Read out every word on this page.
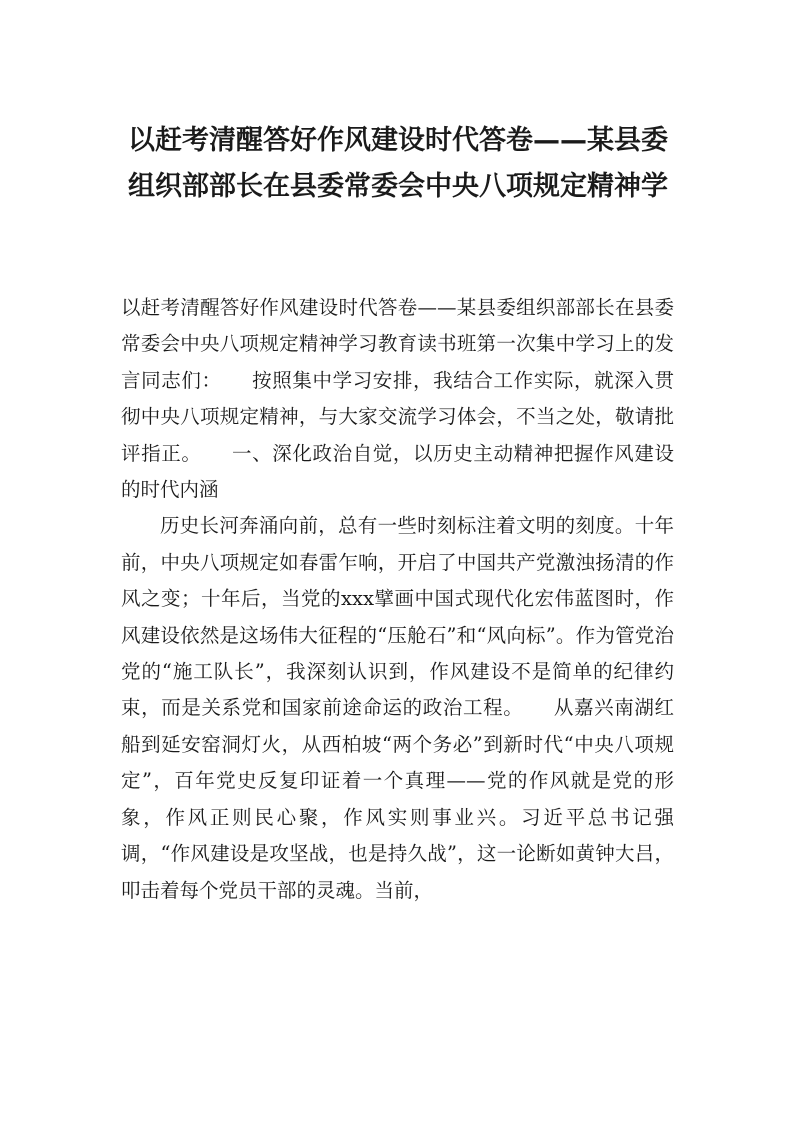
以赶考清醒答好作风建设时代答卷——某县委组织部部长在县委常委会中央八项规定精神学

以赶考清醒答好作风建设时代答卷——某县委组织部部长在县委常委会中央八项规定精神学习教育读书班第一次集中学习上的发言同志们：　　按照集中学习安排，我结合工作实际，就深入贯彻中央八项规定精神，与大家交流学习体会，不当之处，敬请批评指正。　　一、深化政治自觉，以历史主动精神把握作风建设的时代内涵

历史长河奔涌向前，总有一些时刻标注着文明的刻度。十年前，中央八项规定如春雷乍响，开启了中国共产党激浊扬清的作风之变；十年后，当党的xxx擘画中国式现代化宏伟蓝图时，作风建设依然是这场伟大征程的“压舱石”和“风向标”。作为管党治党的“施工队长”，我深刻认识到，作风建设不是简单的纪律约束，而是关系党和国家前途命运的政治工程。　　从嘉兴南湖红船到延安窑洞灯火，从西柏坡“两个务必”到新时代“中央八项规定”，百年党史反复印证着一个真理——党的作风就是党的形象，作风正则民心聚，作风实则事业兴。习近平总书记强调，“作风建设是攻坚战，也是持久战”，这一论断如黄钟大吕，叩击着每个党员干部的灵魂。当前，
